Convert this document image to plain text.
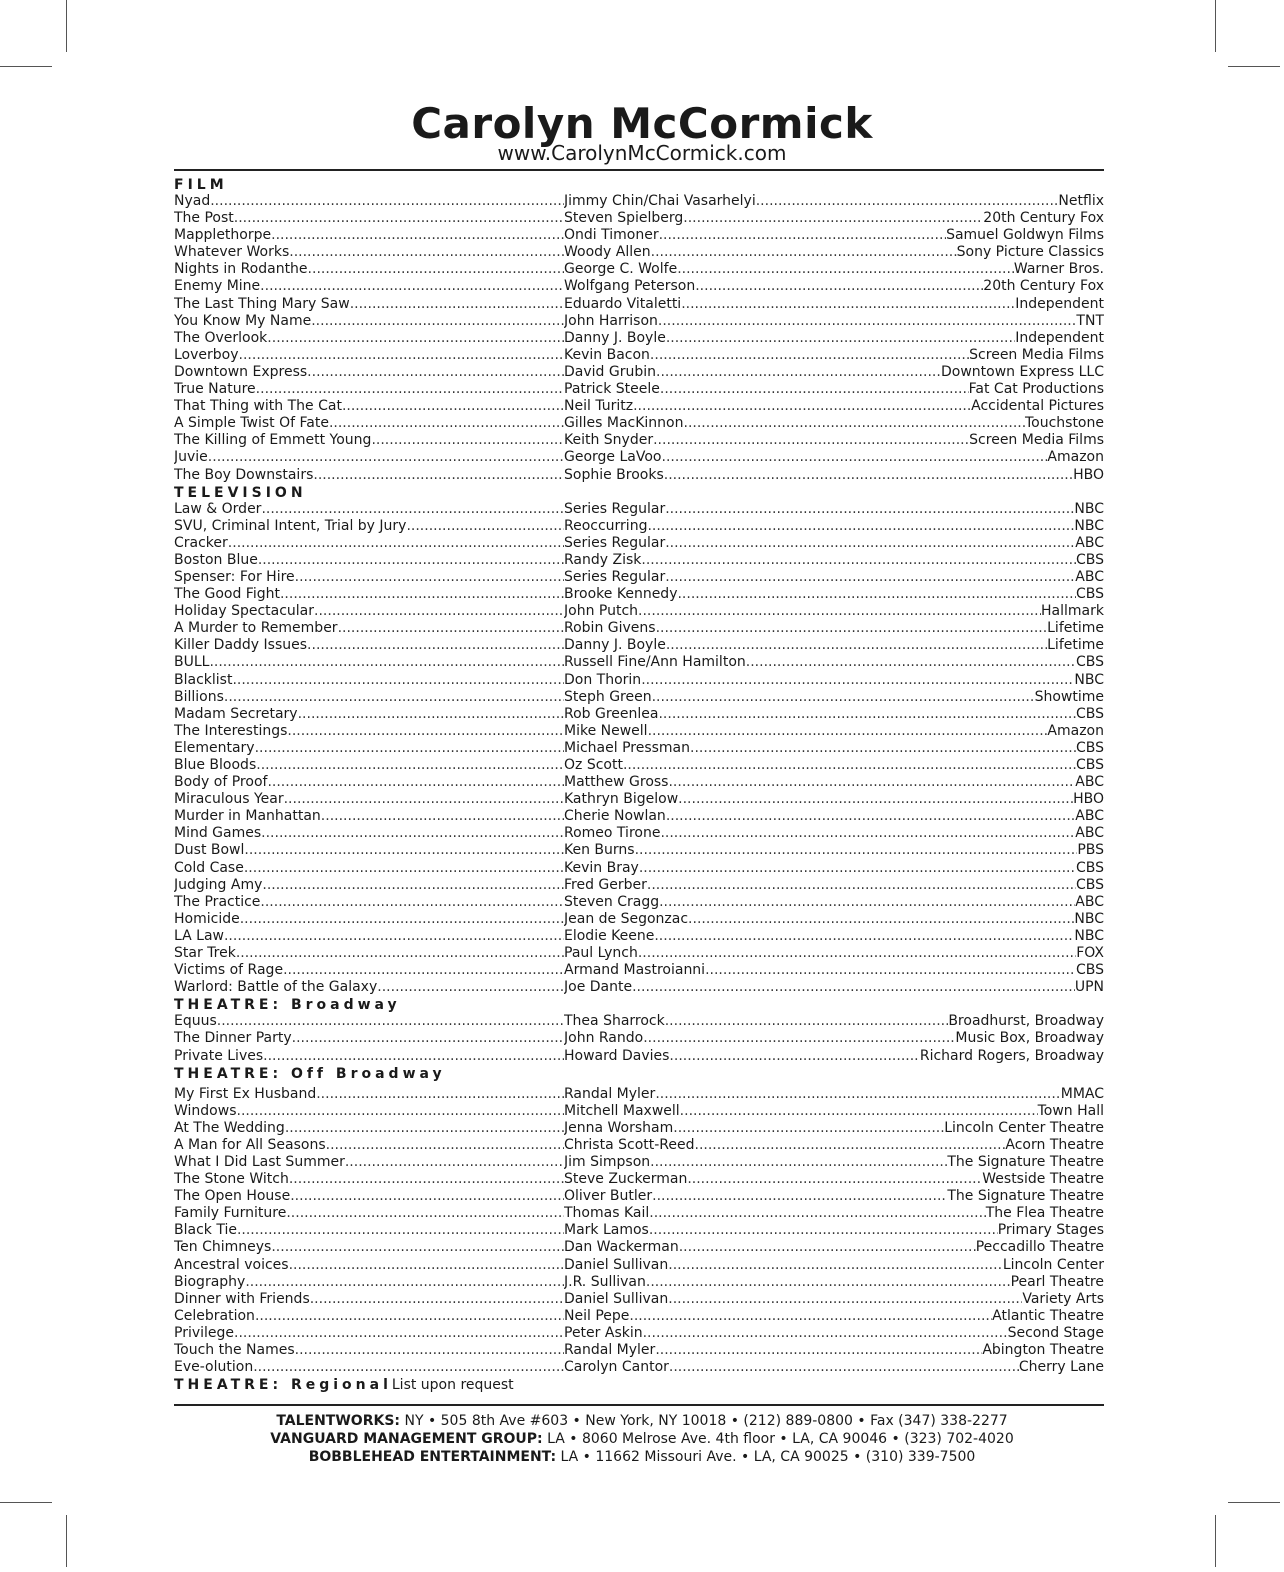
Carolyn McCormick
www.CarolynMcCormick.com
FILM
Nyad .....	Jimmy Chin/Chai Vasarhelyi .....	Netflix
The Post .....	Steven Spielberg .....	20th Century Fox
Mapplethorpe .....	Ondi Timoner .....	Samuel Goldwyn Films
Whatever Works .....	Woody Allen .....	Sony Picture Classics
Nights in Rodanthe .....	George C. Wolfe .....	Warner Bros.
Enemy Mine .....	Wolfgang Peterson .....	20th Century Fox
The Last Thing Mary Saw .....	Eduardo Vitaletti .....	Independent
You Know My Name .....	John Harrison .....	TNT
The Overlook .....	Danny J. Boyle .....	Independent
Loverboy .....	Kevin Bacon .....	Screen Media Films
Downtown Express .....	David Grubin .....	Downtown Express LLC
True Nature .....	Patrick Steele .....	Fat Cat Productions
That Thing with The Cat .....	Neil Turitz .....	Accidental Pictures
A Simple Twist Of Fate .....	Gilles MacKinnon .....	Touchstone
The Killing of Emmett Young .....	Keith Snyder .....	Screen Media Films
Juvie .....	George LaVoo .....	Amazon
The Boy Downstairs .....	Sophie Brooks .....	HBO
TELEVISION
Law & Order .....	Series Regular .....	NBC
SVU, Criminal Intent, Trial by Jury .....	Reoccurring .....	NBC
Cracker .....	Series Regular .....	ABC
Boston Blue .....	Randy Zisk .....	CBS
Spenser: For Hire .....	Series Regular .....	ABC
The Good Fight .....	Brooke Kennedy .....	CBS
Holiday Spectacular .....	John Putch .....	Hallmark
A Murder to Remember .....	Robin Givens .....	Lifetime
Killer Daddy Issues .....	Danny J. Boyle .....	Lifetime
BULL .....	Russell Fine/Ann Hamilton .....	CBS
Blacklist .....	Don Thorin .....	NBC
Billions .....	Steph Green .....	Showtime
Madam Secretary .....	Rob Greenlea .....	CBS
The Interestings .....	Mike Newell .....	Amazon
Elementary .....	Michael Pressman .....	CBS
Blue Bloods .....	Oz Scott .....	CBS
Body of Proof .....	Matthew Gross .....	ABC
Miraculous Year .....	Kathryn Bigelow .....	HBO
Murder in Manhattan .....	Cherie Nowlan .....	ABC
Mind Games .....	Romeo Tirone .....	ABC
Dust Bowl .....	Ken Burns .....	PBS
Cold Case .....	Kevin Bray .....	CBS
Judging Amy .....	Fred Gerber .....	CBS
The Practice .....	Steven Cragg .....	ABC
Homicide .....	Jean de Segonzac .....	NBC
LA Law .....	Elodie Keene .....	NBC
Star Trek .....	Paul Lynch .....	FOX
Victims of Rage .....	Armand Mastroianni .....	CBS
Warlord: Battle of the Galaxy .....	Joe Dante .....	UPN
THEATRE: Broadway
Equus .....	Thea Sharrock .....	Broadhurst, Broadway
The Dinner Party .....	John Rando .....	Music Box, Broadway
Private Lives .....	Howard Davies .....	Richard Rogers, Broadway
THEATRE: Off Broadway
My First Ex Husband .....	Randal Myler .....	MMAC
Windows .....	Mitchell Maxwell .....	Town Hall
At The Wedding .....	Jenna Worsham .....	Lincoln Center Theatre
A Man for All Seasons .....	Christa Scott-Reed .....	Acorn Theatre
What I Did Last Summer .....	Jim Simpson .....	The Signature Theatre
The Stone Witch .....	Steve Zuckerman .....	Westside Theatre
The Open House .....	Oliver Butler .....	The Signature Theatre
Family Furniture .....	Thomas Kail .....	The Flea Theatre
Black Tie .....	Mark Lamos .....	Primary Stages
Ten Chimneys .....	Dan Wackerman .....	Peccadillo Theatre
Ancestral voices .....	Daniel Sullivan .....	Lincoln Center
Biography .....	J.R. Sullivan .....	Pearl Theatre
Dinner with Friends .....	Daniel Sullivan .....	Variety Arts
Celebration .....	Neil Pepe .....	Atlantic Theatre
Privilege .....	Peter Askin .....	Second Stage
Touch the Names .....	Randal Myler .....	Abington Theatre
Eve-olution .....	Carolyn Cantor .....	Cherry Lane
THEATRE: RegionalList upon request
TALENTWORKS: NY • 505 8th Ave #603 • New York, NY 10018 • (212) 889-0800 • Fax (347) 338-2277
VANGUARD MANAGEMENT GROUP: LA • 8060 Melrose Ave. 4th floor • LA, CA 90046 • (323) 702-4020
BOBBLEHEAD ENTERTAINMENT: LA • 11662 Missouri Ave. • LA, CA 90025 • (310) 339-7500
